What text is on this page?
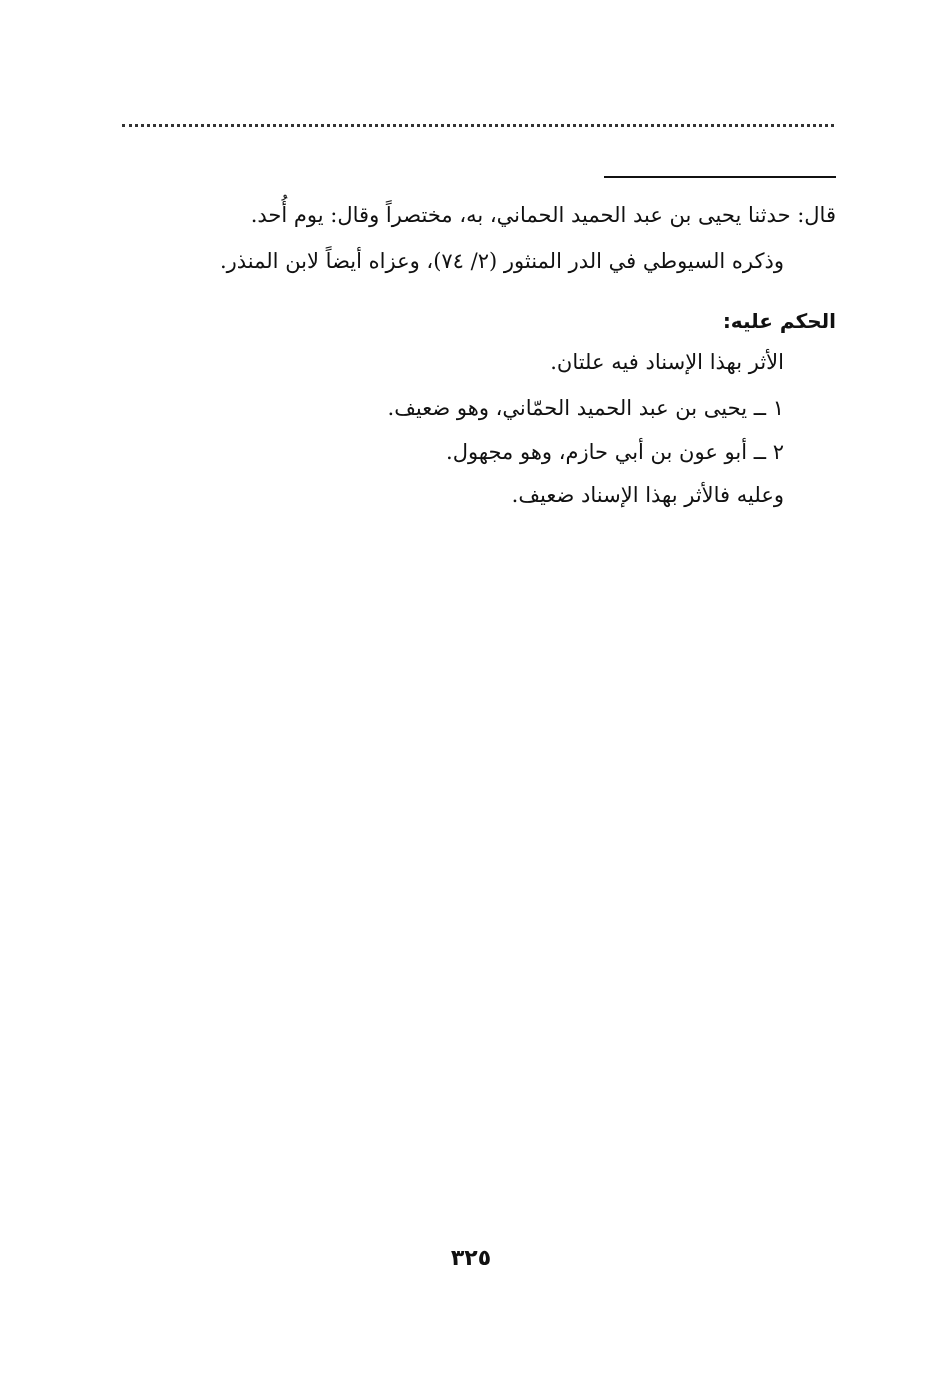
قال: حدثنا يحيى بن عبد الحميد الحماني، به، مختصراً وقال: يوم أُحد.
وذكره السيوطي في الدر المنثور (٢/ ٧٤)، وعزاه أيضاً لابن المنذر.
الحكم عليه:
الأثر بهذا الإسناد فيه علتان.
١ ــ يحيى بن عبد الحميد الحمّاني، وهو ضعيف.
٢ ــ أبو عون بن أبي حازم، وهو مجهول.
وعليه فالأثر بهذا الإسناد ضعيف.
٣٢٥
